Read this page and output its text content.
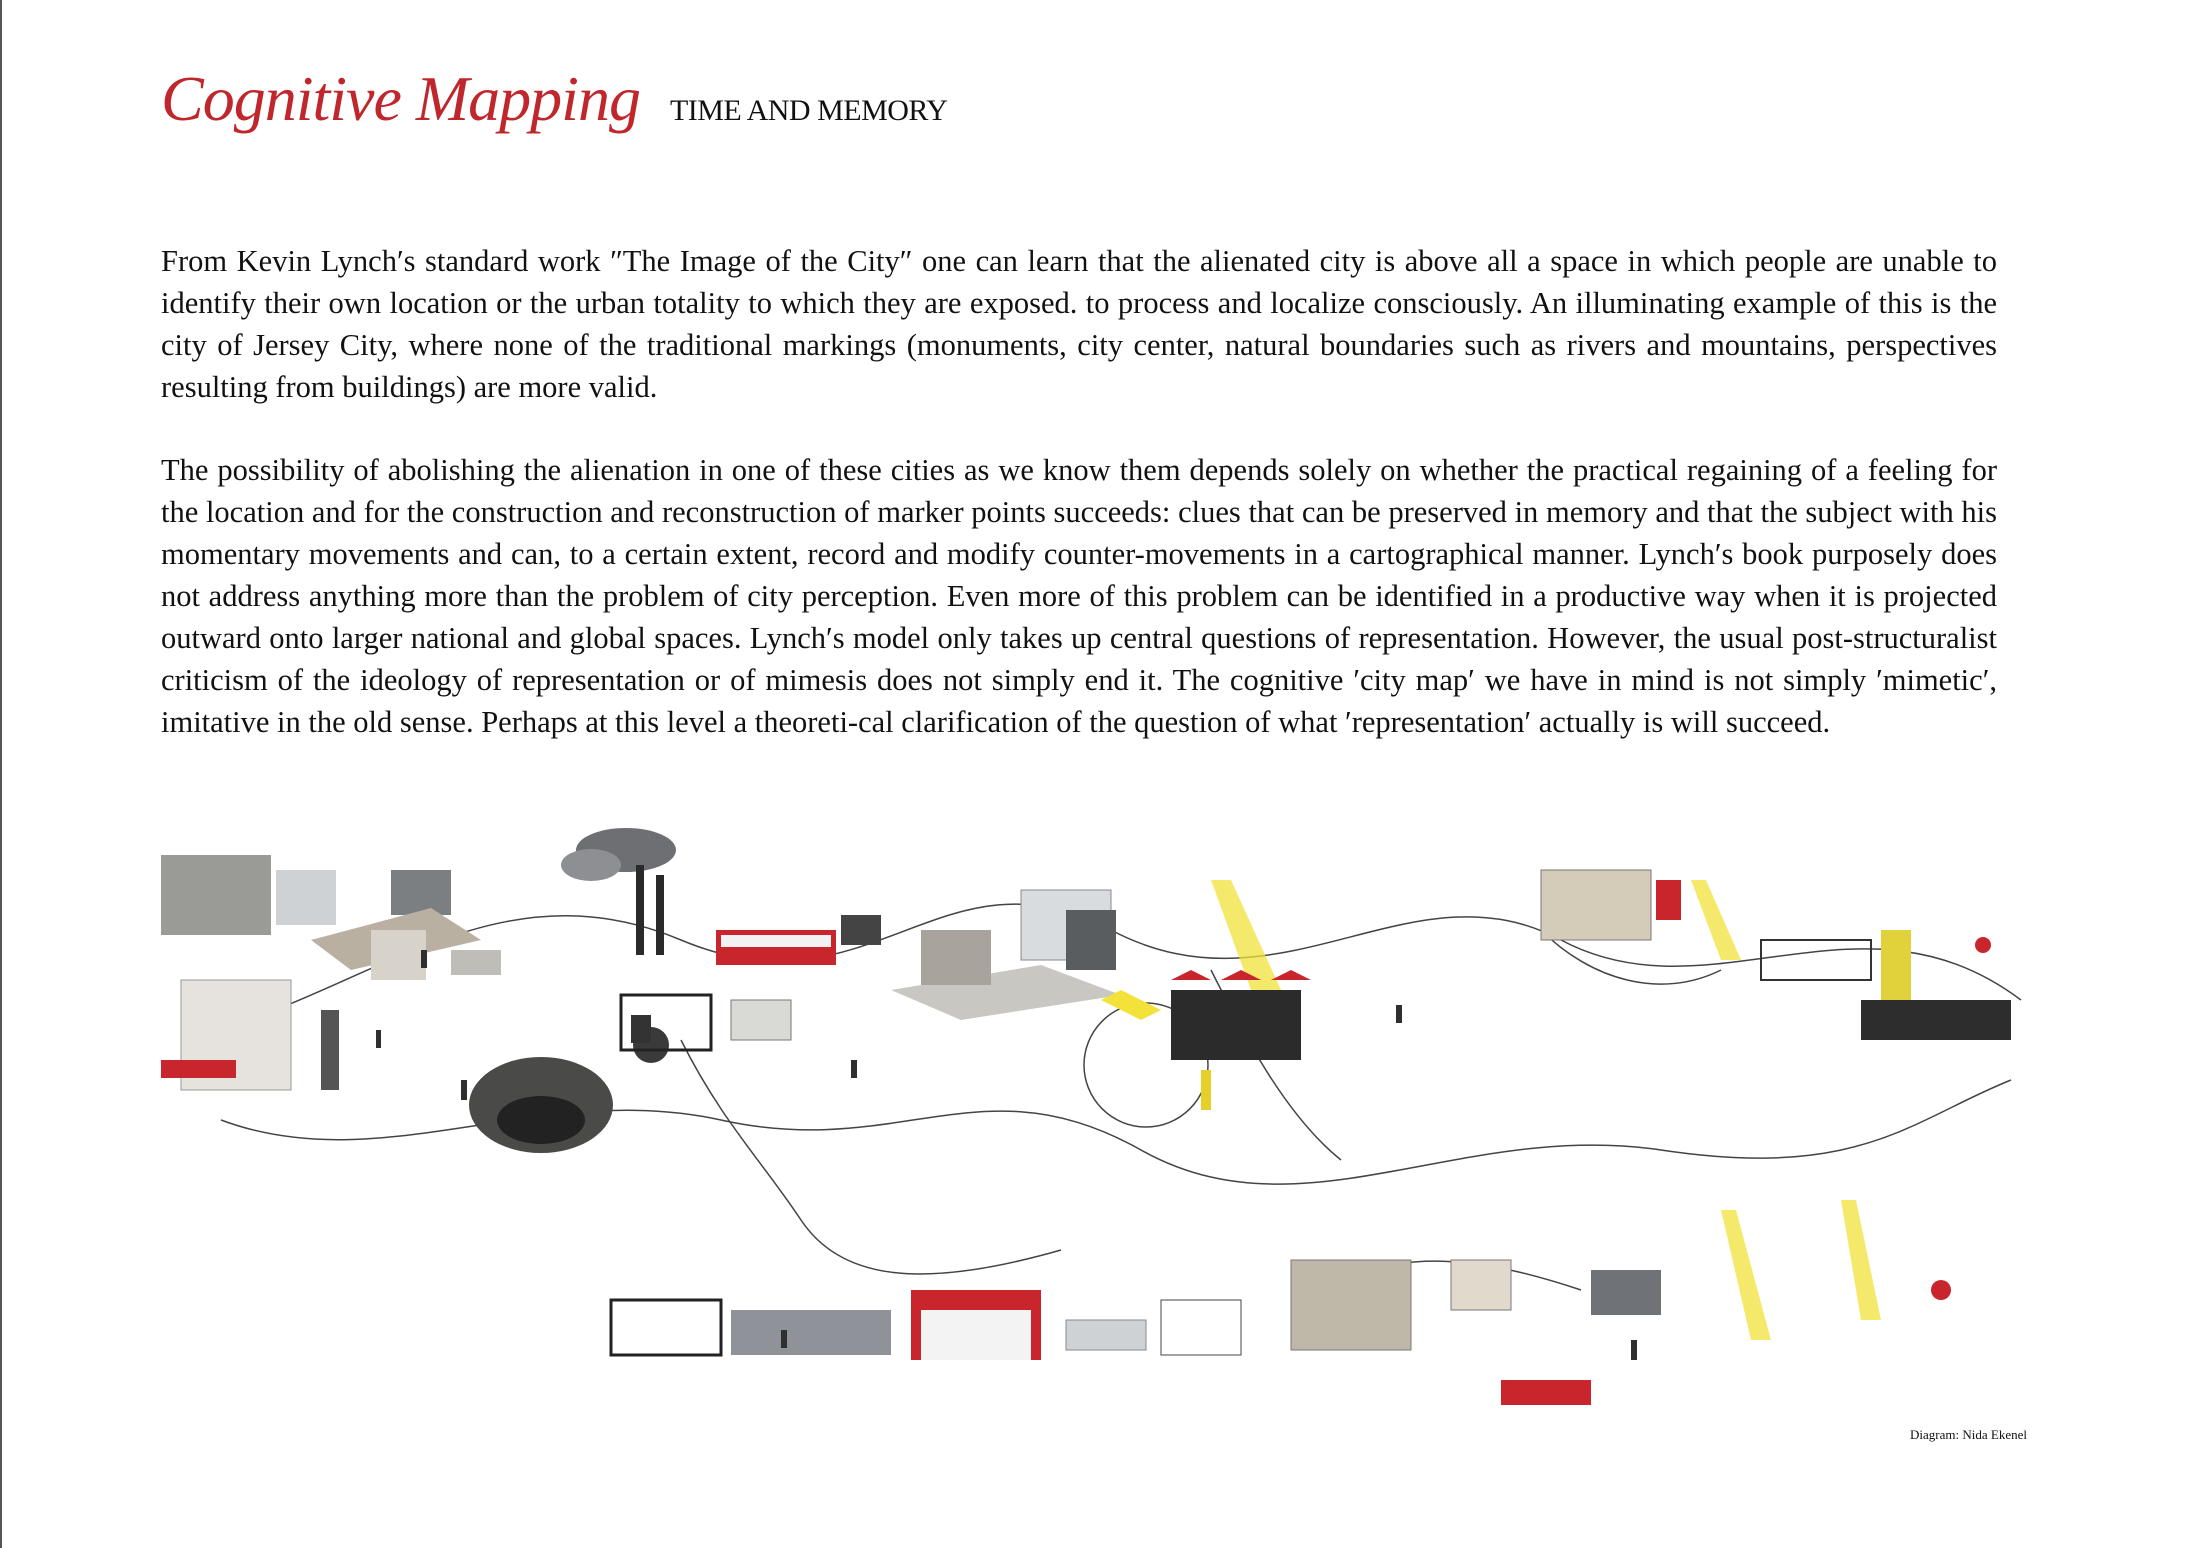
Cognitive Mapping TIME AND MEMORY

From Kevin Lynch′s standard work ″The Image of the City″ one can learn that the alienated city is above all a space in which people are unable to identify their own location or the urban totality to which they are exposed. to process and localize consciously. An illuminating example of this is the city of Jersey City, where none of the traditional markings (monuments, city center, natural boundaries such as rivers and mountains, perspectives resulting from buildings) are more valid.

The possibility of abolishing the alienation in one of these cities as we know them depends solely on whether the practical regaining of a feeling for the location and for the construction and reconstruction of marker points succeeds: clues that can be preserved in memory and that the subject with his momentary movements and can, to a certain extent, record and modify counter-movements in a cartographical manner. Lynch′s book purposely does not address anything more than the problem of city perception. Even more of this problem can be identified in a productive way when it is projected outward onto larger national and global spaces. Lynch′s model only takes up central questions of representation. However, the usual post-structuralist criticism of the ideology of representation or of mimesis does not simply end it. The cognitive ′city map′ we have in mind is not simply ′mimetic′, imitative in the old sense. Perhaps at this level a theoreti-cal clarification of the question of what ′representation′ actually is will succeed.

Diagram: Nida Ekenel
